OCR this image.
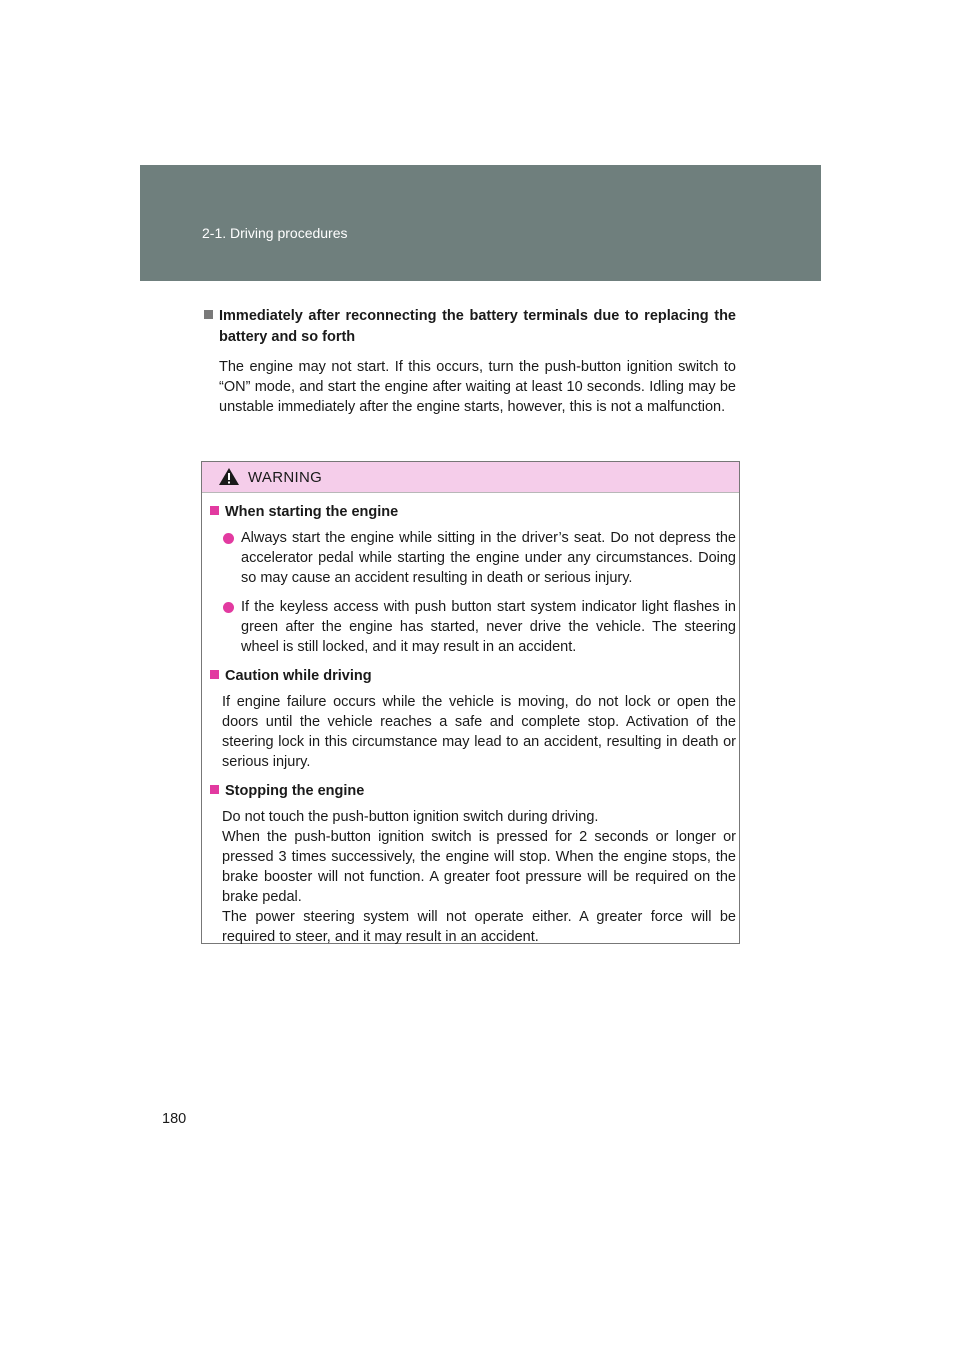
2-1. Driving procedures
Immediately after reconnecting the battery terminals due to replacing the battery and so forth
The engine may not start. If this occurs, turn the push-button ignition switch to “ON” mode, and start the engine after waiting at least 10 seconds. Idling may be unstable immediately after the engine starts, however, this is not a malfunction.
WARNING
When starting the engine
Always start the engine while sitting in the driver’s seat. Do not depress the accelerator pedal while starting the engine under any circumstances. Doing so may cause an accident resulting in death or serious injury.
If the keyless access with push button start system indicator light flashes in green after the engine has started, never drive the vehicle. The steering wheel is still locked, and it may result in an accident.
Caution while driving
If engine failure occurs while the vehicle is moving, do not lock or open the doors until the vehicle reaches a safe and complete stop. Activation of the steering lock in this circumstance may lead to an accident, resulting in death or serious injury.
Stopping the engine
Do not touch the push-button ignition switch during driving.
When the push-button ignition switch is pressed for 2 seconds or longer or pressed 3 times successively, the engine will stop. When the engine stops, the brake booster will not function. A greater foot pressure will be required on the brake pedal.
The power steering system will not operate either. A greater force will be required to steer, and it may result in an accident.
180
